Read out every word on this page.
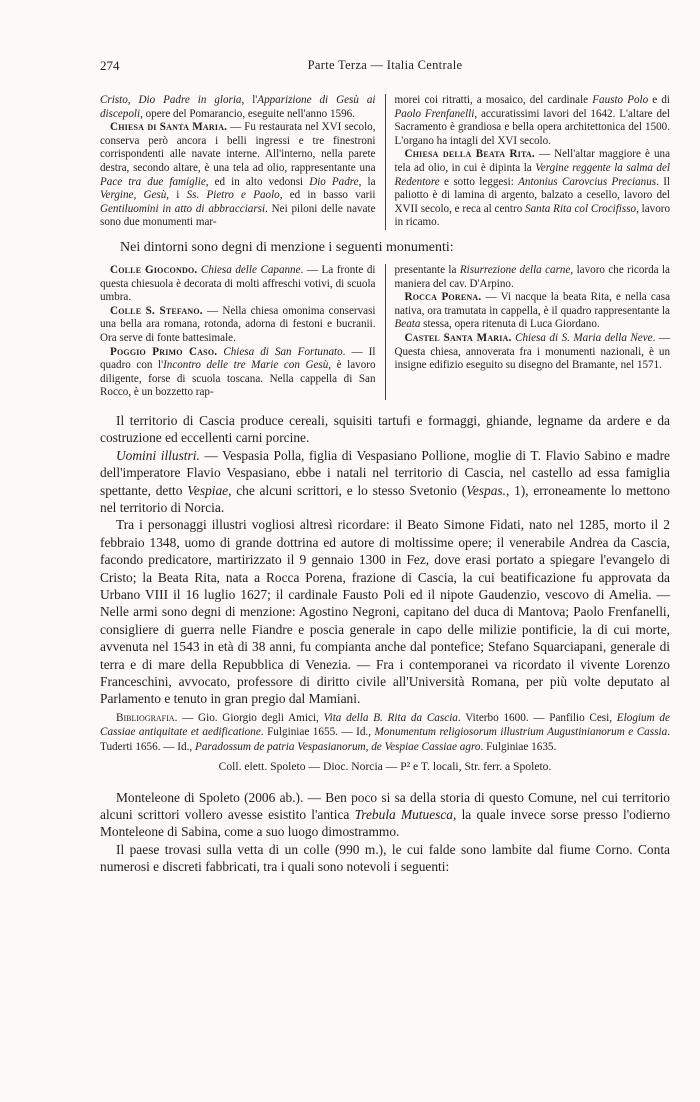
274	Parte Terza — Italia Centrale

Cristo, Dio Padre in gloria, l'Apparizione di Gesù ai discepoli, opere del Pomarancio, eseguite nell'anno 1596.

Chiesa di Santa Maria. — Fu restaurata nel XVI secolo, conserva però ancora i belli ingressi e tre finestroni corrispondenti alle navate interne. All'interno, nella parete destra, secondo altare, è una tela ad olio, rappresentante una Pace tra due famiglie, ed in alto vedonsi Dio Padre, la Vergine, Gesù, i Ss. Pietro e Paolo, ed in basso varii Gentiluomini in atto di abbracciarsi. Nei piloni delle navate sono due monumenti mar-

morei coi ritratti, a mosaico, del cardinale Fausto Polo e di Paolo Frenfanelli, accuratissimi lavori del 1642. L'altare del Sacramento è grandiosa e bella opera architettonica del 1500. L'organo ha intagli del XVI secolo.

Chiesa della Beata Rita. — Nell'altar maggiore è una tela ad olio, in cui è dipinta la Vergine reggente la salma del Redentore e sotto leggesi: Antonius Carovcius Precianus. Il paliotto è di lamina di argento, balzato a cesello, lavoro del XVII secolo, e reca al centro Santa Rita col Crocifisso, lavoro in ricamo.

Nei dintorni sono degni di menzione i seguenti monumenti:

Colle Giocondo. Chiesa delle Capanne. — La fronte di questa chiesuola è decorata di molti affreschi votivi, di scuola umbra.

Colle S. Stefano. — Nella chiesa omonima conservasi una bella ara romana, rotonda, adorna di festoni e bucranii. Ora serve di fonte battesimale.

Poggio Primo Caso. Chiesa di San Fortunato. — Il quadro con l'Incontro delle tre Marie con Gesù, è lavoro diligente, forse di scuola toscana. Nella cappella di San Rocco, è un bozzetto rap-

presentante la Risurrezione della carne, lavoro che ricorda la maniera del cav. D'Arpino.

Rocca Porena. — Vi nacque la beata Rita, e nella casa nativa, ora tramutata in cappella, è il quadro rappresentante la Beata stessa, opera ritenuta di Luca Giordano.

Castel Santa Maria. Chiesa di S. Maria della Neve. — Questa chiesa, annoverata fra i monumenti nazionali, è un insigne edifizio eseguito su disegno del Bramante, nel 1571.

Il territorio di Cascia produce cereali, squisiti tartufi e formaggi, ghiande, legname da ardere e da costruzione ed eccellenti carni porcine.

Uomini illustri. — Vespasia Polla, figlia di Vespasiano Pollione, moglie di T. Flavio Sabino e madre dell'imperatore Flavio Vespasiano, ebbe i natali nel territorio di Cascia, nel castello ad essa famiglia spettante, detto Vespiae, che alcuni scrittori, e lo stesso Svetonio (Vespas., 1), erroneamente lo mettono nel territorio di Norcia.

Tra i personaggi illustri vogliosi altresì ricordare: il Beato Simone Fidati, nato nel 1285, morto il 2 febbraio 1348, uomo di grande dottrina ed autore di moltissime opere; il venerabile Andrea da Cascia, facondo predicatore, martirizzato il 9 gennaio 1300 in Fez, dove erasi portato a spiegare l'evangelo di Cristo; la Beata Rita, nata a Rocca Porena, frazione di Cascia, la cui beatificazione fu approvata da Urbano VIII il 16 luglio 1627; il cardinale Fausto Poli ed il nipote Gaudenzio, vescovo di Amelia. — Nelle armi sono degni di menzione: Agostino Negroni, capitano del duca di Mantova; Paolo Frenfanelli, consigliere di guerra nelle Fiandre e poscia generale in capo delle milizie pontificie, la di cui morte, avvenuta nel 1543 in età di 38 anni, fu compianta anche dal pontefice; Stefano Squarciapani, generale di terra e di mare della Repubblica di Venezia. — Fra i contemporanei va ricordato il vivente Lorenzo Franceschini, avvocato, professore di diritto civile all'Università Romana, per più volte deputato al Parlamento e tenuto in gran pregio dal Mamiani.

Bibliografia. — Gio. Giorgio degli Amici, Vita della B. Rita da Cascia. Viterbo 1600. — Panfilio Cesi, Elogium de Cassiae antiquitate et aedificatione. Fulginiae 1655. — Id., Monumentum religiosorum illustrium Augustinianorum e Cassia. Tuderti 1656. — Id., Paradossum de patria Vespasianorum, de Vespiae Cassiae agro. Fulginiae 1635.
Coll. elett. Spoleto — Dioc. Norcia — P² e T. locali, Str. ferr. a Spoleto.

Monteleone di Spoleto (2006 ab.). — Ben poco si sa della storia di questo Comune, nel cui territorio alcuni scrittori vollero avesse esistito l'antica Trebula Mutuesca, la quale invece sorse presso l'odierno Monteleone di Sabina, come a suo luogo dimostrammo.

Il paese trovasi sulla vetta di un colle (990 m.), le cui falde sono lambite dal fiume Corno. Conta numerosi e discreti fabbricati, tra i quali sono notevoli i seguenti:
